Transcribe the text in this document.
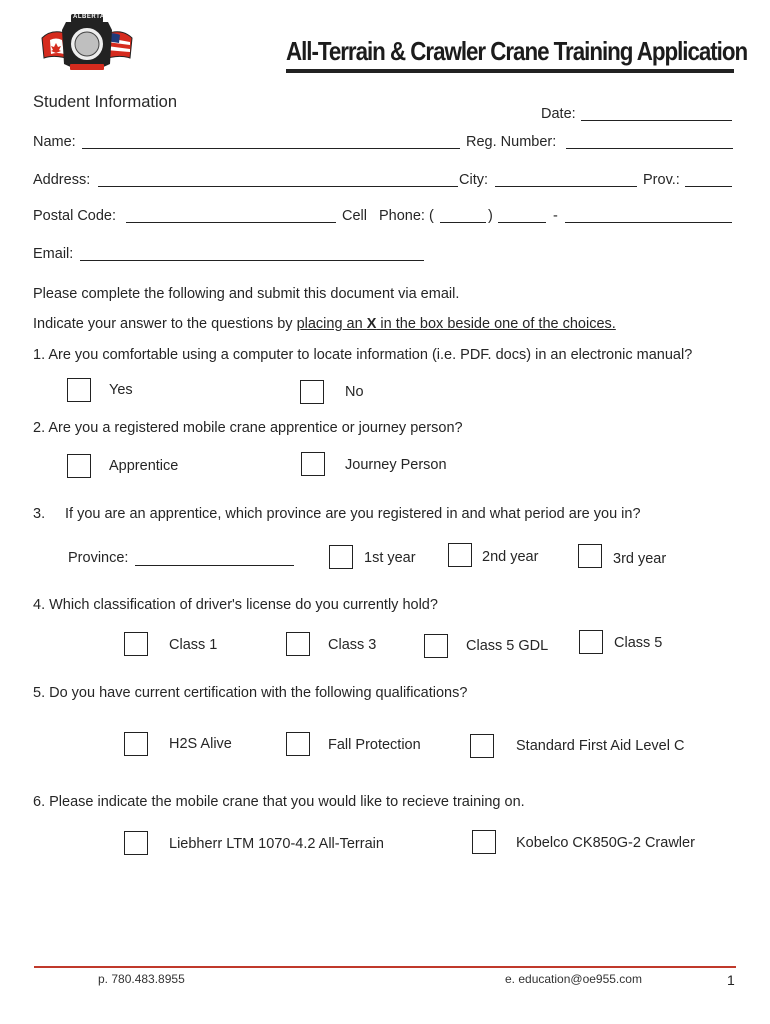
ALBERTA
All-Terrain & Crawler Crane Training Application
Student Information
Date:
Name:	Reg. Number:
Address:	City:	Prov.:
Postal Code:	Cell Phone: (	)	-
Email:
Please complete the following and submit this document via email.
Indicate your answer to the questions by placing an X in the box beside one of the choices.
1. Are you comfortable using a computer to locate information (i.e. PDF. docs) in an electronic manual?
Yes	No
2. Are you a registered mobile crane apprentice or journey person?
Apprentice	Journey Person
3. If you are an apprentice, which province are you registered in and what period are you in?
Province:	1st year	2nd year	3rd year
4. Which classification of driver's license do you currently hold?
Class 1	Class 3	Class 5 GDL	Class 5
5. Do you have current certification with the following qualifications?
H2S Alive	Fall Protection	Standard First Aid Level C
6. Please indicate the mobile crane that you would like to recieve training on.
Liebherr LTM 1070-4.2 All-Terrain	Kobelco CK850G-2 Crawler
p. 780.483.8955	e. education@oe955.com	1
